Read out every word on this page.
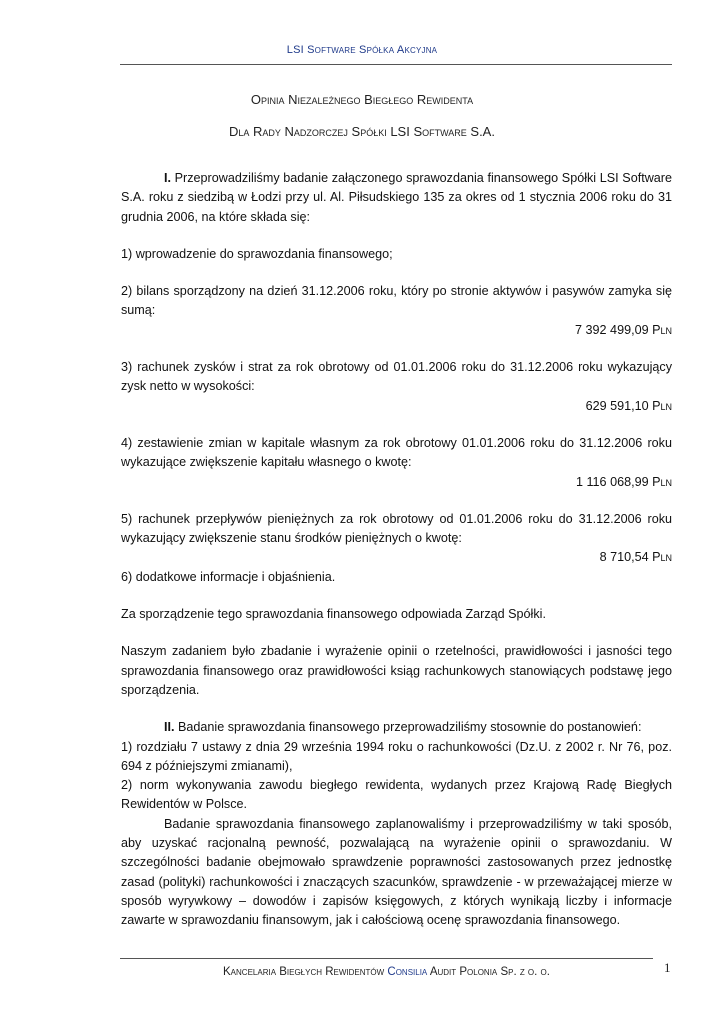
LSI Software Spółka Akcyjna
Opinia Niezależnego Biegłego Rewidenta
Dla Rady Nadzorczej Spółki LSI Software S.A.

I. Przeprowadziliśmy badanie załączonego sprawozdania finansowego Spółki LSI Software S.A. roku z siedzibą w Łodzi przy ul. Al. Piłsudskiego 135 za okres od 1 stycznia 2006 roku do 31 grudnia 2006, na które składa się:

1) wprowadzenie do sprawozdania finansowego;

2) bilans sporządzony na dzień 31.12.2006 roku, który po stronie aktywów i pasywów zamyka się sumą:

7 392 499,09 Pln

3) rachunek zysków i strat za rok obrotowy od 01.01.2006 roku do 31.12.2006 roku wykazujący zysk netto w wysokości:

629 591,10 Pln

4) zestawienie zmian w kapitale własnym za rok obrotowy 01.01.2006 roku do 31.12.2006 roku wykazujące zwiększenie kapitału własnego o kwotę:

1 116 068,99 Pln

5) rachunek przepływów pieniężnych za rok obrotowy od 01.01.2006 roku do 31.12.2006 roku wykazujący zwiększenie stanu środków pieniężnych o kwotę:

8 710,54 Pln

6) dodatkowe informacje i objaśnienia.

Za sporządzenie tego sprawozdania finansowego odpowiada Zarząd Spółki.

Naszym zadaniem było zbadanie i wyrażenie opinii o rzetelności, prawidłowości i jasności tego sprawozdania finansowego oraz prawidłowości ksiąg rachunkowych stanowiących podstawę jego sporządzenia.

II. Badanie sprawozdania finansowego przeprowadziliśmy stosownie do postanowień:

1) rozdziału 7 ustawy z dnia 29 września 1994 roku o rachunkowości (Dz.U. z 2002 r. Nr 76, poz. 694 z późniejszymi zmianami),

2) norm wykonywania zawodu biegłego rewidenta, wydanych przez Krajową Radę Biegłych Rewidentów w Polsce.

Badanie sprawozdania finansowego zaplanowaliśmy i przeprowadziliśmy w taki sposób, aby uzyskać racjonalną pewność, pozwalającą na wyrażenie opinii o sprawozdaniu. W szczególności badanie obejmowało sprawdzenie poprawności zastosowanych przez jednostkę zasad (polityki) rachunkowości i znaczących szacunków, sprawdzenie - w przeważającej mierze w sposób wyrywkowy – dowodów i zapisów księgowych, z których wynikają liczby i informacje zawarte w sprawozdaniu finansowym, jak i całościową ocenę sprawozdania finansowego.

Kancelaria Biegłych Rewidentów Consilia Audit Polonia Sp. z o. o.	1
